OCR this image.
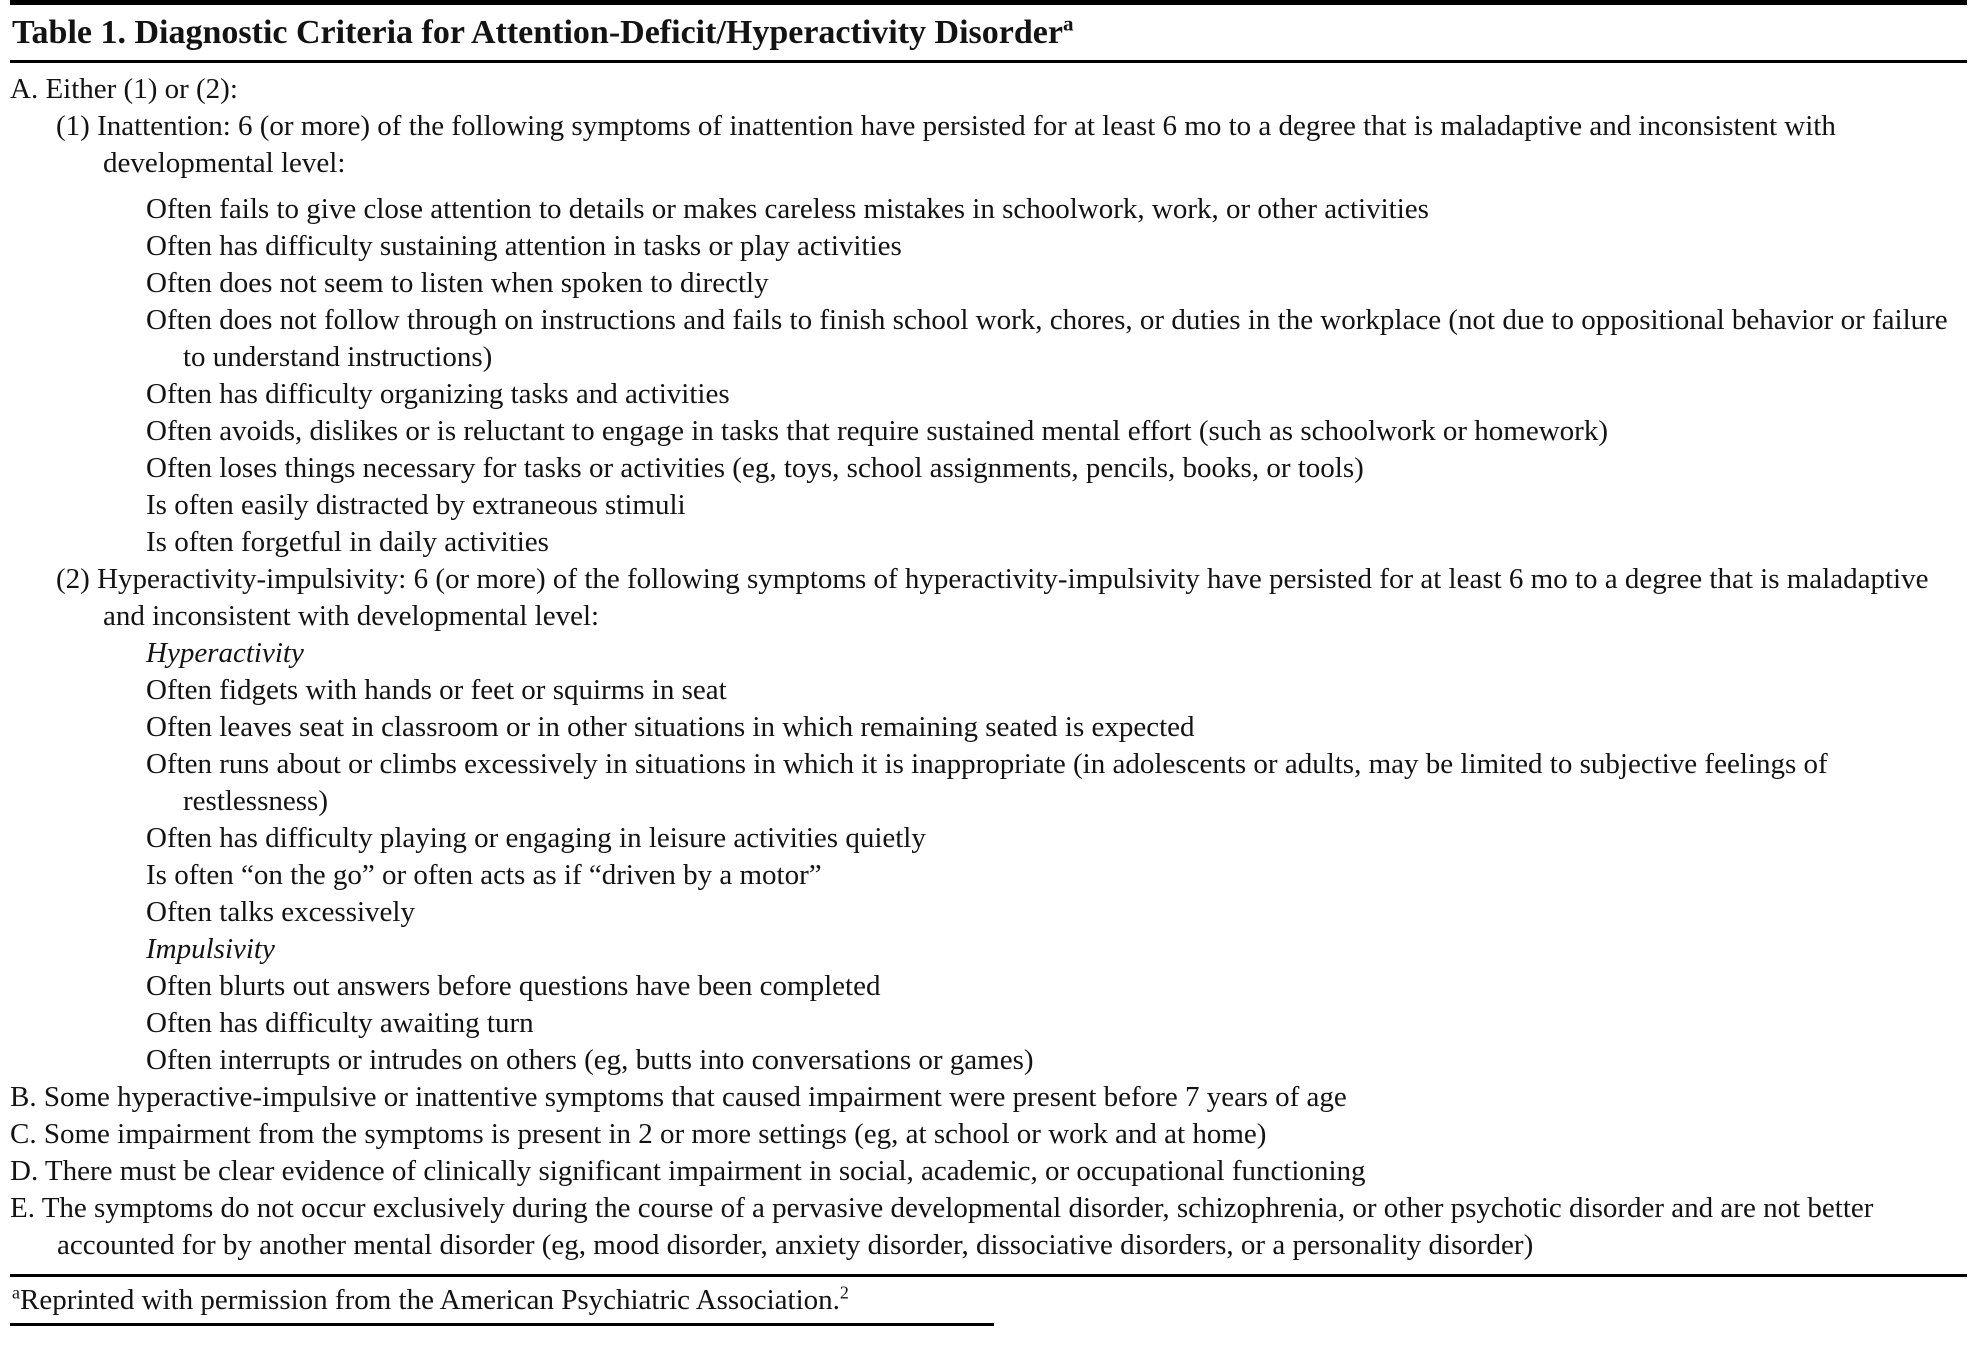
Table 1. Diagnostic Criteria for Attention-Deficit/Hyperactivity Disorder$^a$
A. Either (1) or (2):
(1) Inattention: 6 (or more) of the following symptoms of inattention have persisted for at least 6 mo to a degree that is maladaptive and inconsistent with developmental level:
Often fails to give close attention to details or makes careless mistakes in schoolwork, work, or other activities
Often has difficulty sustaining attention in tasks or play activities
Often does not seem to listen when spoken to directly
Often does not follow through on instructions and fails to finish school work, chores, or duties in the workplace (not due to oppositional behavior or failure to understand instructions)
Often has difficulty organizing tasks and activities
Often avoids, dislikes or is reluctant to engage in tasks that require sustained mental effort (such as schoolwork or homework)
Often loses things necessary for tasks or activities (eg, toys, school assignments, pencils, books, or tools)
Is often easily distracted by extraneous stimuli
Is often forgetful in daily activities
(2) Hyperactivity-impulsivity: 6 (or more) of the following symptoms of hyperactivity-impulsivity have persisted for at least 6 mo to a degree that is maladaptive and inconsistent with developmental level:
Hyperactivity
Often fidgets with hands or feet or squirms in seat
Often leaves seat in classroom or in other situations in which remaining seated is expected
Often runs about or climbs excessively in situations in which it is inappropriate (in adolescents or adults, may be limited to subjective feelings of restlessness)
Often has difficulty playing or engaging in leisure activities quietly
Is often “on the go” or often acts as if “driven by a motor”
Often talks excessively
Impulsivity
Often blurts out answers before questions have been completed
Often has difficulty awaiting turn
Often interrupts or intrudes on others (eg, butts into conversations or games)
B. Some hyperactive-impulsive or inattentive symptoms that caused impairment were present before 7 years of age
C. Some impairment from the symptoms is present in 2 or more settings (eg, at school or work and at home)
D. There must be clear evidence of clinically significant impairment in social, academic, or occupational functioning
E. The symptoms do not occur exclusively during the course of a pervasive developmental disorder, schizophrenia, or other psychotic disorder and are not better accounted for by another mental disorder (eg, mood disorder, anxiety disorder, dissociative disorders, or a personality disorder)
$^a$Reprinted with permission from the American Psychiatric Association.$^2$
